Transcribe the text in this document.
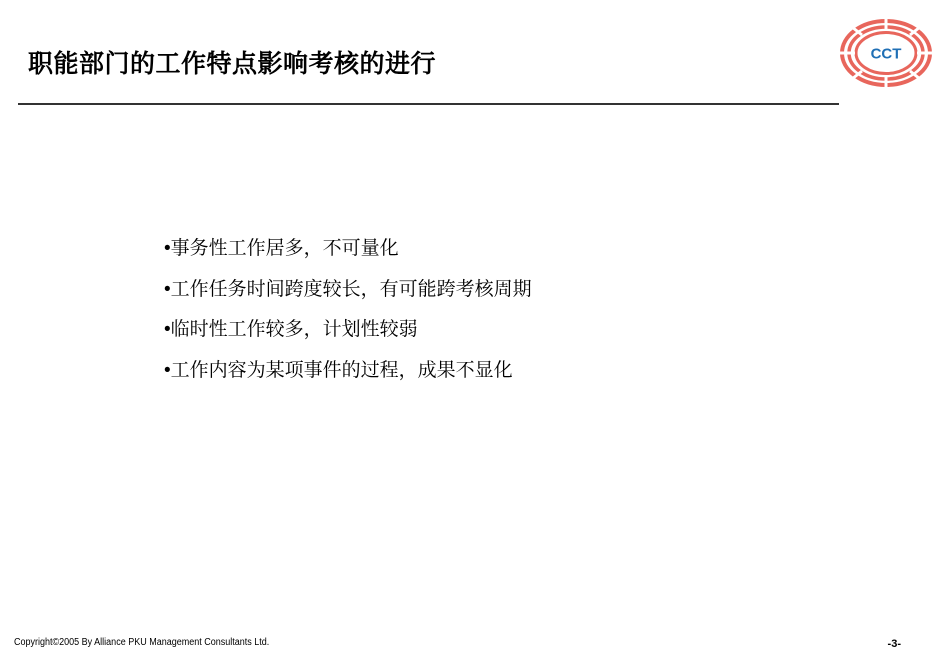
职能部门的工作特点影响考核的进行	CCT
•事务性工作居多，不可量化
•工作任务时间跨度较长，有可能跨考核周期
•临时性工作较多，计划性较弱
•工作内容为某项事件的过程，成果不显化
Copyright©2005 By Alliance PKU Management Consultants Ltd.	-3-
